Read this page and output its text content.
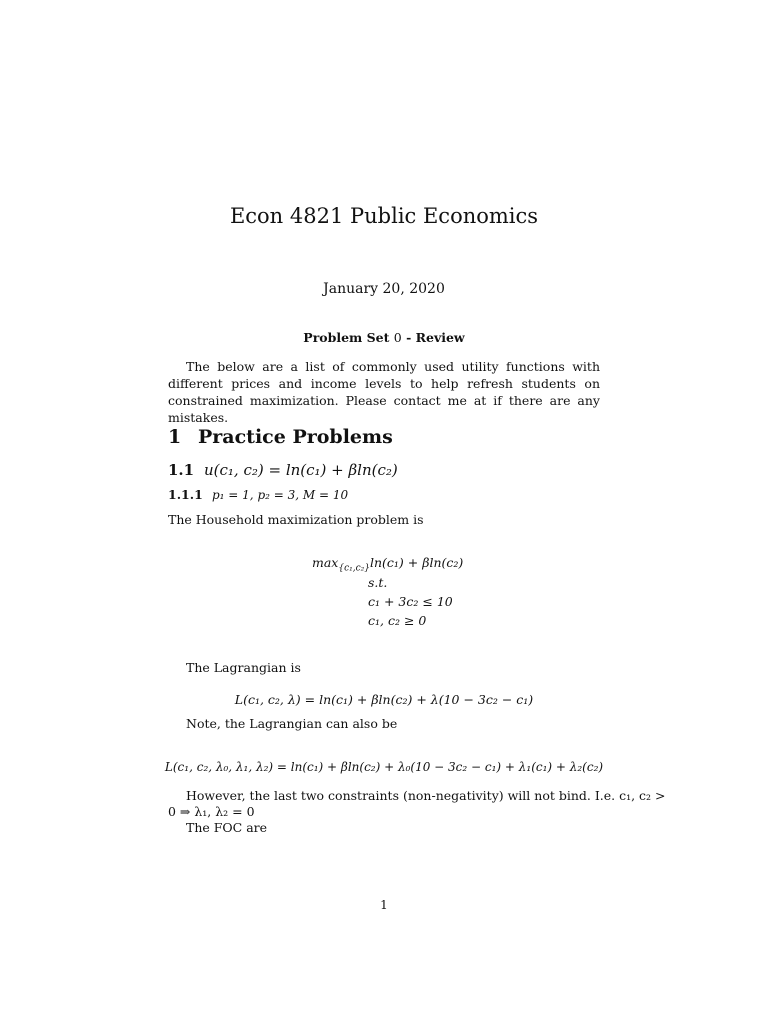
Econ 4821 Public Economics
January 20, 2020
Problem Set 0 - Review
The below are a list of commonly used utility functions with different prices and income levels to help refresh students on constrained maximization. Please contact me at if there are any mistakes.
1 Practice Problems
1.1 u(c₁, c₂) = ln(c₁) + βln(c₂)
1.1.1 p₁ = 1, p₂ = 3, M = 10
The Household maximization problem is
$\max_{\{c_1,c_2\}}\ln(c_1) + \beta\ln(c_2)$
s.t.
c₁ + 3c₂ ≤ 10
c₁, c₂ ≥ 0
The Lagrangian is
L(c₁, c₂, λ) = ln(c₁) + βln(c₂) + λ(10 − 3c₂ − c₁)
Note, the Lagrangian can also be
L(c₁, c₂, λ₀, λ₁, λ₂) = ln(c₁) + βln(c₂) + λ₀(10 − 3c₂ − c₁) + λ₁(c₁) + λ₂(c₂)
However, the last two constraints (non-negativity) will not bind. I.e. c₁, c₂ >
0 ⇒ λ₁, λ₂ = 0
The FOC are
1
